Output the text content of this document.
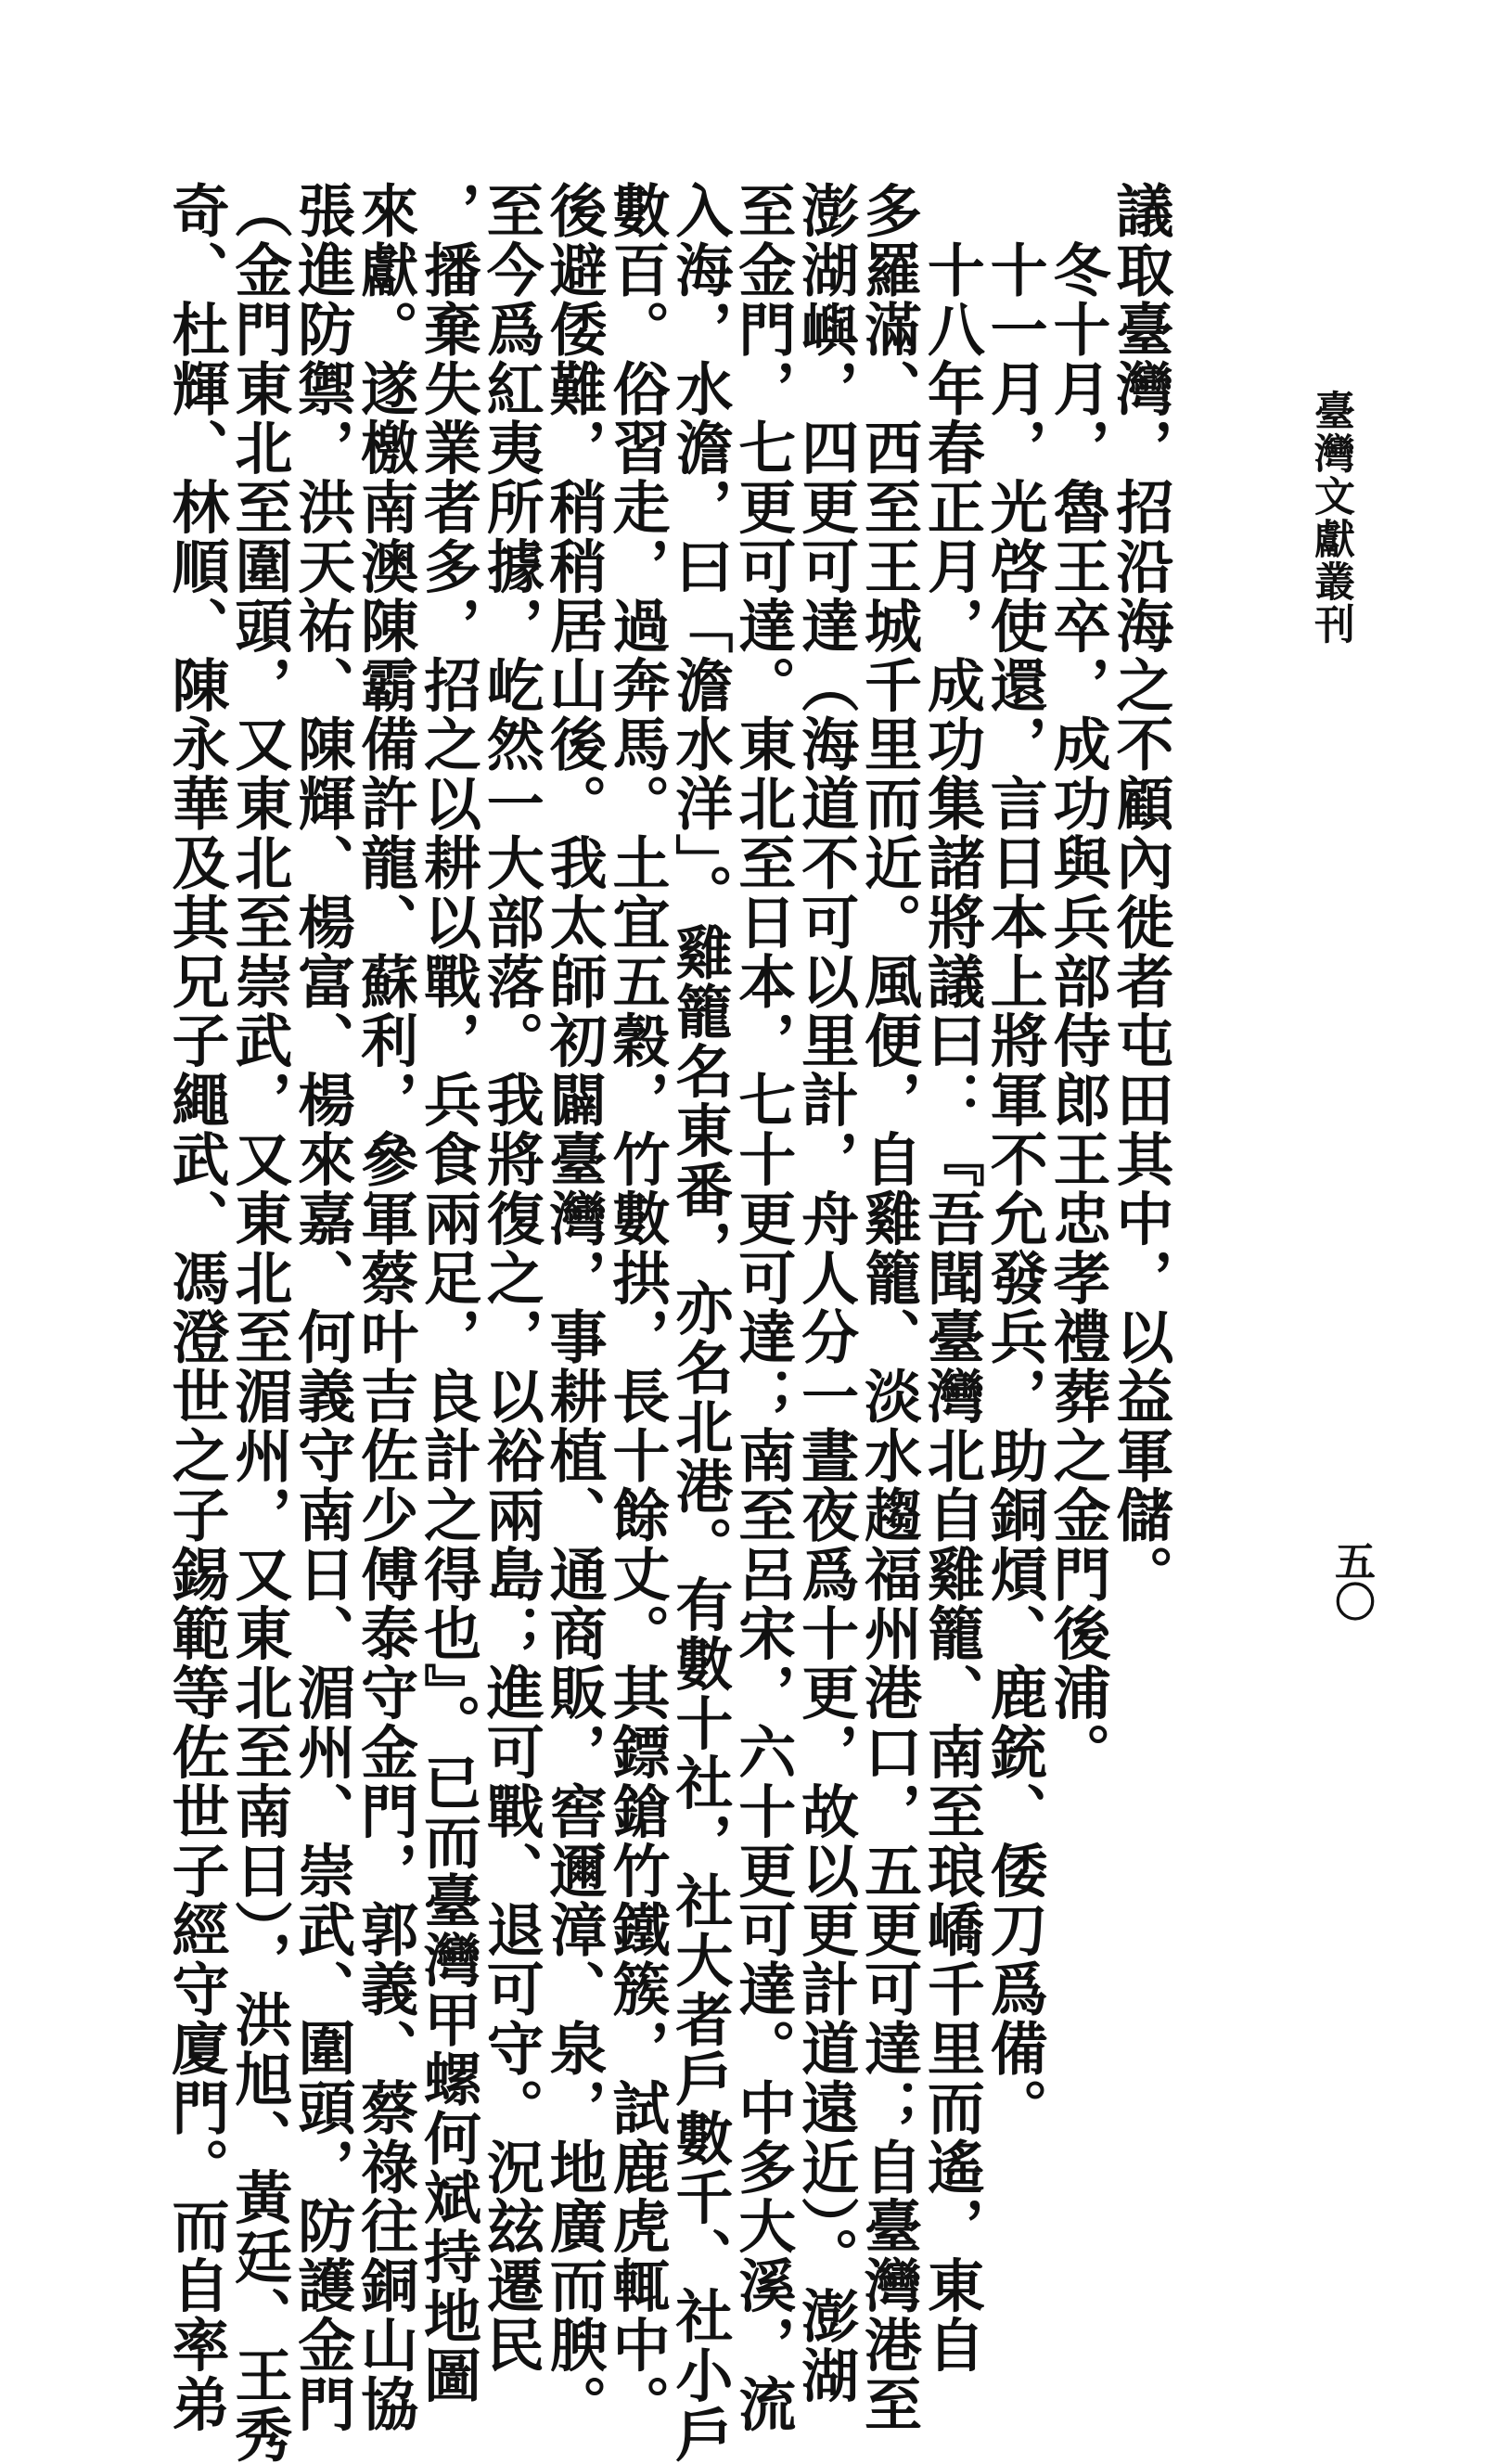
臺灣文獻叢刊
五〇
議取臺灣，招沿海之不顧內徙者屯田其中，以益軍儲。
　冬十月，魯王卒，成功與兵部侍郎王忠孝禮葬之金門後浦。
　十一月，光啓使還，言日本上將軍不允發兵，助銅熕、鹿銃、倭刀爲備。
　十八年春正月，成功集諸將議曰：『吾聞臺灣北自雞籠、南至琅嶠千里而遙，東自
多羅滿、西至王城千里而近。風便，自雞籠、淡水趨福州港口，五更可達；自臺灣港至
澎湖嶼，四更可達（海道不可以里計，舟人分一晝夜爲十更，故以更計道遠近）。澎湖
至金門，七更可達。東北至日本，七十更可達；南至呂宋，六十更可達。中多大溪，流
入海，水澹，曰「澹水洋」。雞籠名東番，亦名北港。有數十社，社大者戶數千、社小戶
數百。俗習走，過奔馬。土宜五穀，竹數拱，長十餘丈。其鏢鎗竹鐵簇，試鹿虎輒中。
後避倭難，稍稍居山後。我太師初闢臺灣，事耕植、通商販，窖邇漳、泉，地廣而腴。
至今爲紅夷所據，屹然一大部落。我將復之，以裕兩島；進可戰、退可守。況玆遷民
，播棄失業者多，招之以耕以戰，兵食兩足，良計之得也』。已而臺灣甲螺何斌持地圖
來獻。遂檄南澳陳霸備許龍、蘇利，參軍蔡叶吉佐少傅泰守金門，郭義、蔡祿往銅山協
張進防禦，洪天祐、陳輝、楊富、楊來嘉、何義守南日、湄州、崇武、圍頭，防護金門
（金門東北至圍頭，又東北至崇武，又東北至湄州，又東北至南日），洪旭、黃廷、王秀
奇、杜輝、林順、陳永華及其兄子繩武、馮澄世之子錫範等佐世子經守廈門。而自率弟
